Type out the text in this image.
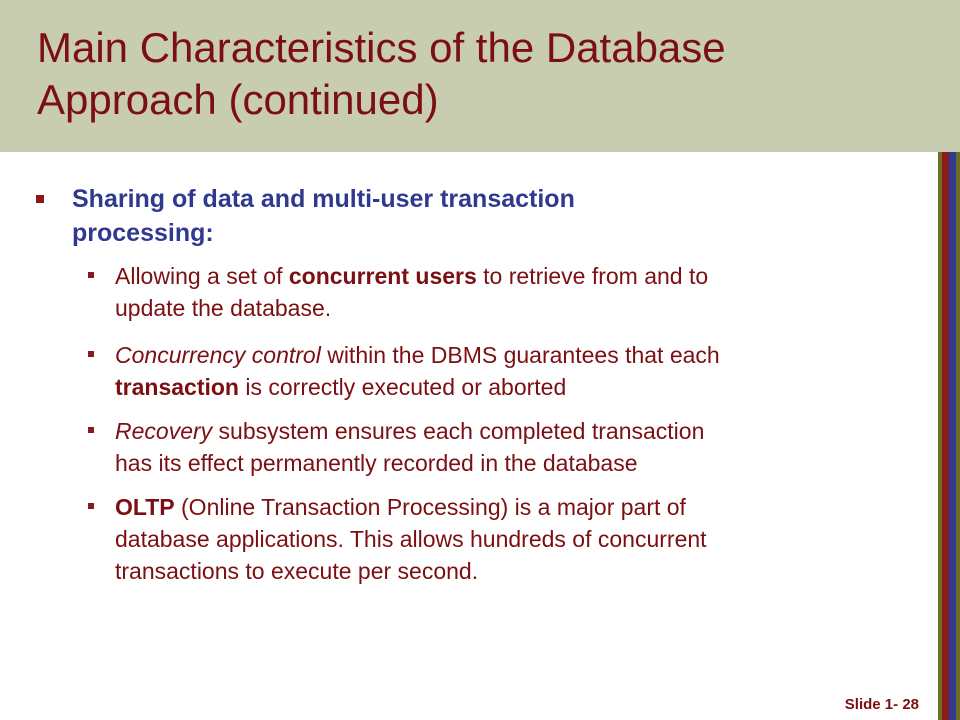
Main Characteristics of the Database
Approach (continued)
Sharing of data and multi-user transaction
processing:
Allowing a set of concurrent users to retrieve from and to
update the database.
Concurrency control within the DBMS guarantees that each
transaction is correctly executed or aborted
Recovery subsystem ensures each completed transaction
has its effect permanently recorded in the database
OLTP (Online Transaction Processing) is a major part of
database applications. This allows hundreds of concurrent
transactions to execute per second.
Slide 1- 28
